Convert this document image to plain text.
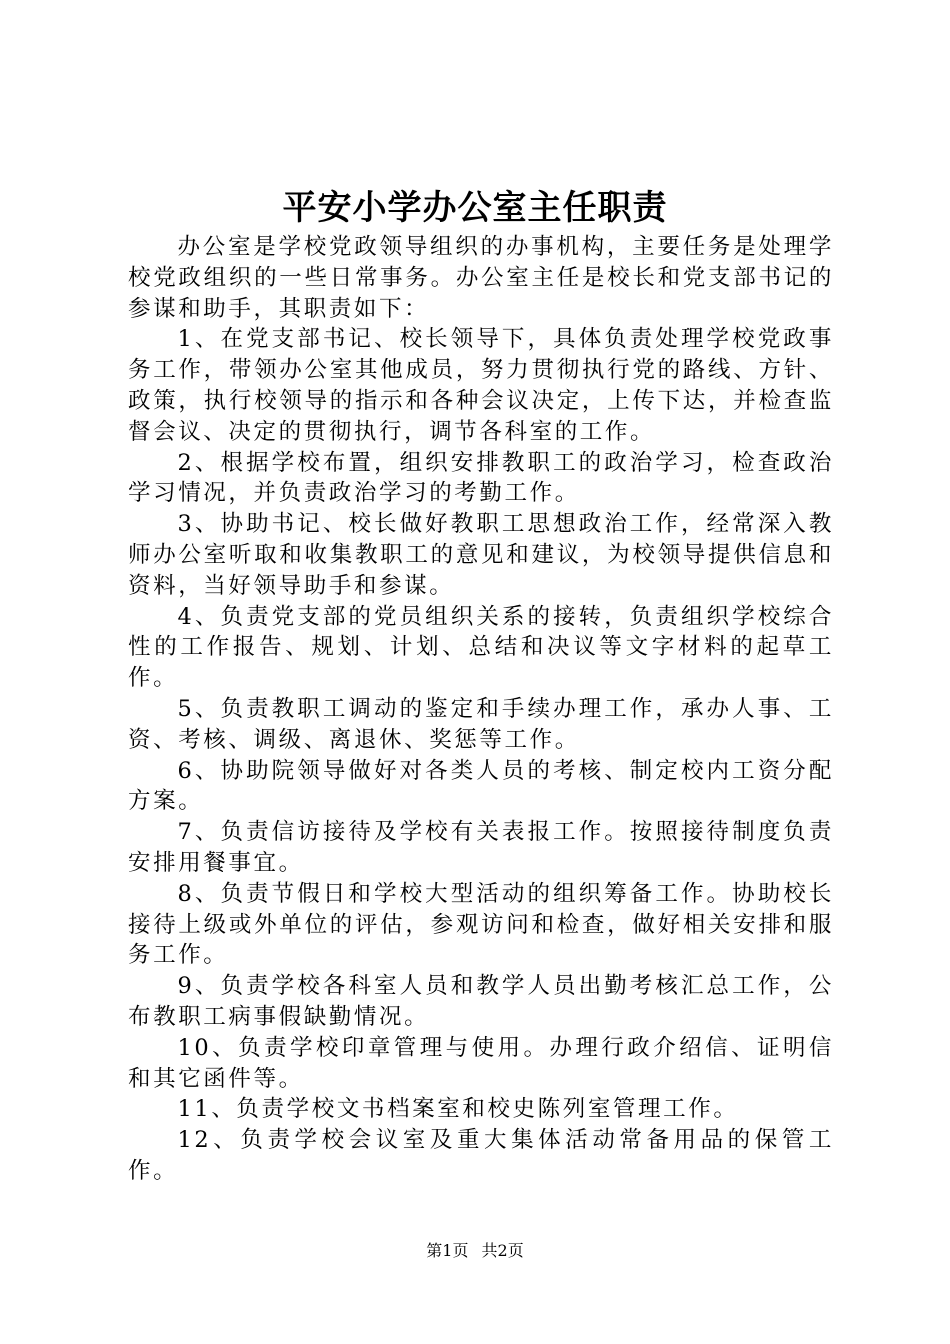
平安小学办公室主任职责

办公室是学校党政领导组织的办事机构，主要任务是处理学校党政组织的一些日常事务。办公室主任是校长和党支部书记的参谋和助手，其职责如下：

1、在党支部书记、校长领导下，具体负责处理学校党政事务工作，带领办公室其他成员，努力贯彻执行党的路线、方针、政策，执行校领导的指示和各种会议决定，上传下达，并检查监督会议、决定的贯彻执行，调节各科室的工作。

2、根据学校布置，组织安排教职工的政治学习，检查政治学习情况，并负责政治学习的考勤工作。

3、协助书记、校长做好教职工思想政治工作，经常深入教师办公室听取和收集教职工的意见和建议，为校领导提供信息和资料，当好领导助手和参谋。

4、负责党支部的党员组织关系的接转，负责组织学校综合性的工作报告、规划、计划、总结和决议等文字材料的起草工作。

5、负责教职工调动的鉴定和手续办理工作，承办人事、工资、考核、调级、离退休、奖惩等工作。

6、协助院领导做好对各类人员的考核、制定校内工资分配方案。

7、负责信访接待及学校有关表报工作。按照接待制度负责安排用餐事宜。

8、负责节假日和学校大型活动的组织筹备工作。协助校长接待上级或外单位的评估，参观访问和检查，做好相关安排和服务工作。

9、负责学校各科室人员和教学人员出勤考核汇总工作，公布教职工病事假缺勤情况。

10、负责学校印章管理与使用。办理行政介绍信、证明信和其它函件等。

11、负责学校文书档案室和校史陈列室管理工作。

12、负责学校会议室及重大集体活动常备用品的保管工作。

第1页 共2页
